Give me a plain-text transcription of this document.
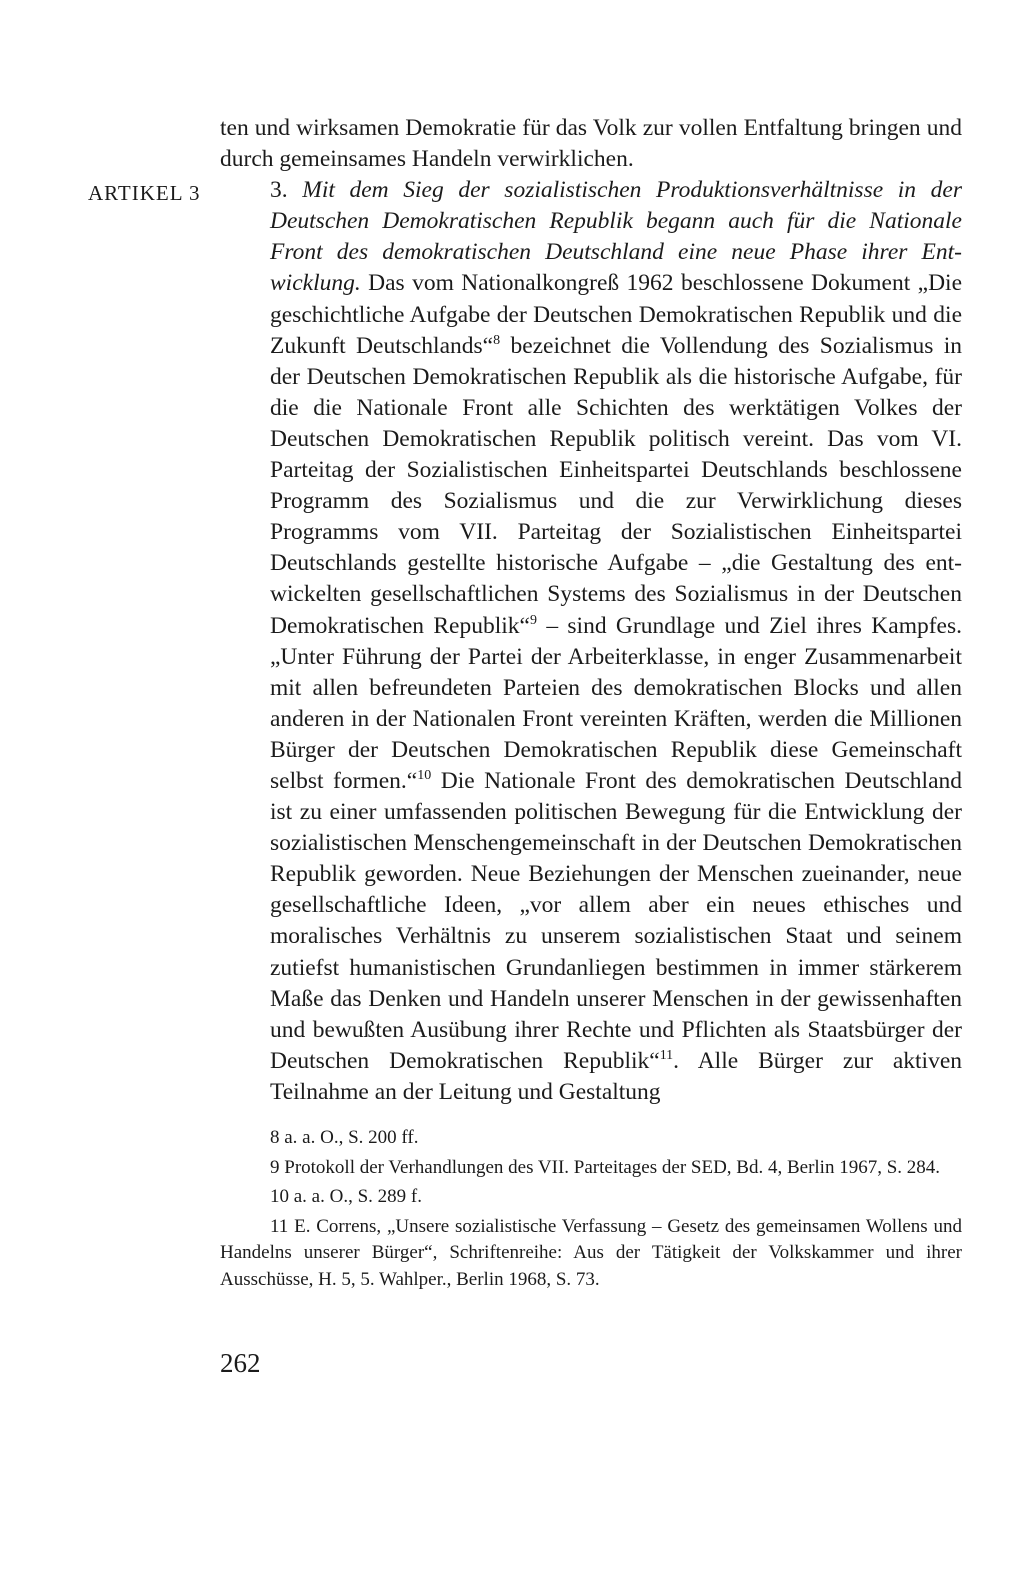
ARTIKEL 3

ten und wirksamen Demokratie für das Volk zur vollen Entfaltung bringen und durch gemeinsames Handeln verwirklichen.

3. Mit dem Sieg der sozialistischen Produktionsverhältnisse in der Deutschen Demokratischen Republik begann auch für die Nationale Front des demokratischen Deutschland eine neue Phase ihrer Entwicklung. Das vom Nationalkongreß 1962 beschlossene Dokument „Die geschichtliche Aufgabe der Deutschen Demokratischen Republik und die Zukunft Deutschlands“$^8$ bezeichnet die Vollendung des Sozialismus in der Deutschen Demokratischen Republik als die historische Aufgabe, für die die Nationale Front alle Schichten des werktätigen Volkes der Deutschen Demokratischen Republik politisch vereint. Das vom VI. Parteitag der Sozialistischen Einheitspartei Deutschlands beschlossene Programm des Sozialismus und die zur Verwirklichung dieses Programms vom VII. Parteitag der Sozialistischen Einheitspartei Deutschlands gestellte historische Aufgabe – „die Gestaltung des entwickelten gesellschaftlichen Systems des Sozialismus in der Deutschen Demokratischen Republik“$^9$ – sind Grundlage und Ziel ihres Kampfes. „Unter Führung der Partei der Arbeiterklasse, in enger Zusammenarbeit mit allen befreundeten Parteien des demokratischen Blocks und allen anderen in der Nationalen Front vereinten Kräften, werden die Millionen Bürger der Deutschen Demokratischen Republik diese Gemeinschaft selbst formen.“$^{10}$ Die Nationale Front des demokratischen Deutschland ist zu einer umfassenden politischen Bewegung für die Entwicklung der sozialistischen Menschengemeinschaft in der Deutschen Demokratischen Republik geworden. Neue Beziehungen der Menschen zueinander, neue gesellschaftliche Ideen, „vor allem aber ein neues ethisches und moralisches Verhältnis zu unserem sozialistischen Staat und seinem zutiefst humanistischen Grundanliegen bestimmen in immer stärkerem Maße das Denken und Handeln unserer Menschen in der gewissenhaften und bewußten Ausübung ihrer Rechte und Pflichten als Staatsbürger der Deutschen Demokratischen Republik“$^{11}$. Alle Bürger zur aktiven Teilnahme an der Leitung und Gestaltung

8 a. a. O., S. 200 ff.

9 Protokoll der Verhandlungen des VII. Parteitages der SED, Bd. 4, Berlin 1967, S. 284.

10 a. a. O., S. 289 f.

11 E. Correns, „Unsere sozialistische Verfassung – Gesetz des gemeinsamen Wollens und Handelns unserer Bürger“, Schriftenreihe: Aus der Tätigkeit der Volkskammer und ihrer Ausschüsse, H. 5, 5. Wahlper., Berlin 1968, S. 73.

262
